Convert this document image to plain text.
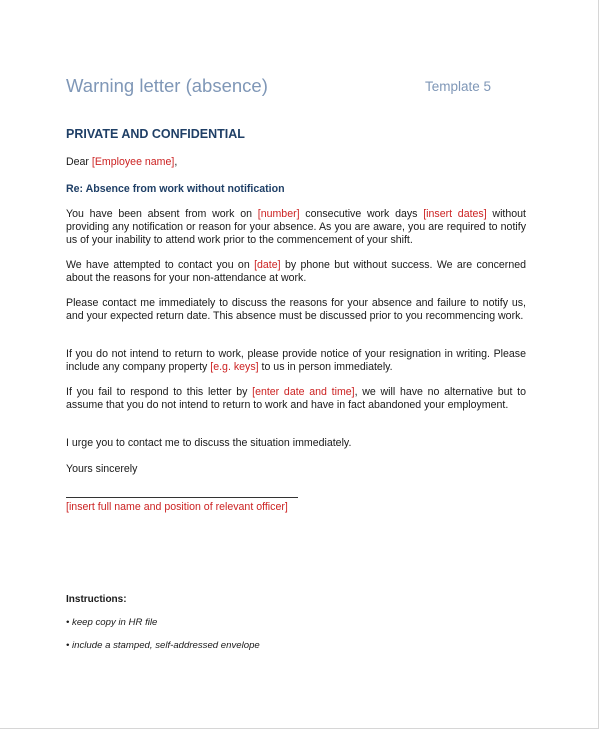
Warning letter (absence)	Template 5
PRIVATE AND CONFIDENTIAL
Dear [Employee name],
Re: Absence from work without notification

You have been absent from work on [number] consecutive work days [insert dates] without providing any notification or reason for your absence. As you are aware, you are required to notify us of your inability to attend work prior to the commencement of your shift.

We have attempted to contact you on [date] by phone but without success. We are concerned about the reasons for your non-attendance at work.

Please contact me immediately to discuss the reasons for your absence and failure to notify us, and your expected return date. This absence must be discussed prior to you recommencing work.

If you do not intend to return to work, please provide notice of your resignation in writing. Please include any company property [e.g. keys] to us in person immediately.

If you fail to respond to this letter by [enter date and time], we will have no alternative but to assume that you do not intend to return to work and have in fact abandoned your employment.

I urge you to contact me to discuss the situation immediately.
Yours sincerely
[insert full name and position of relevant officer]
Instructions:
• keep copy in HR file
• include a stamped, self-addressed envelope
